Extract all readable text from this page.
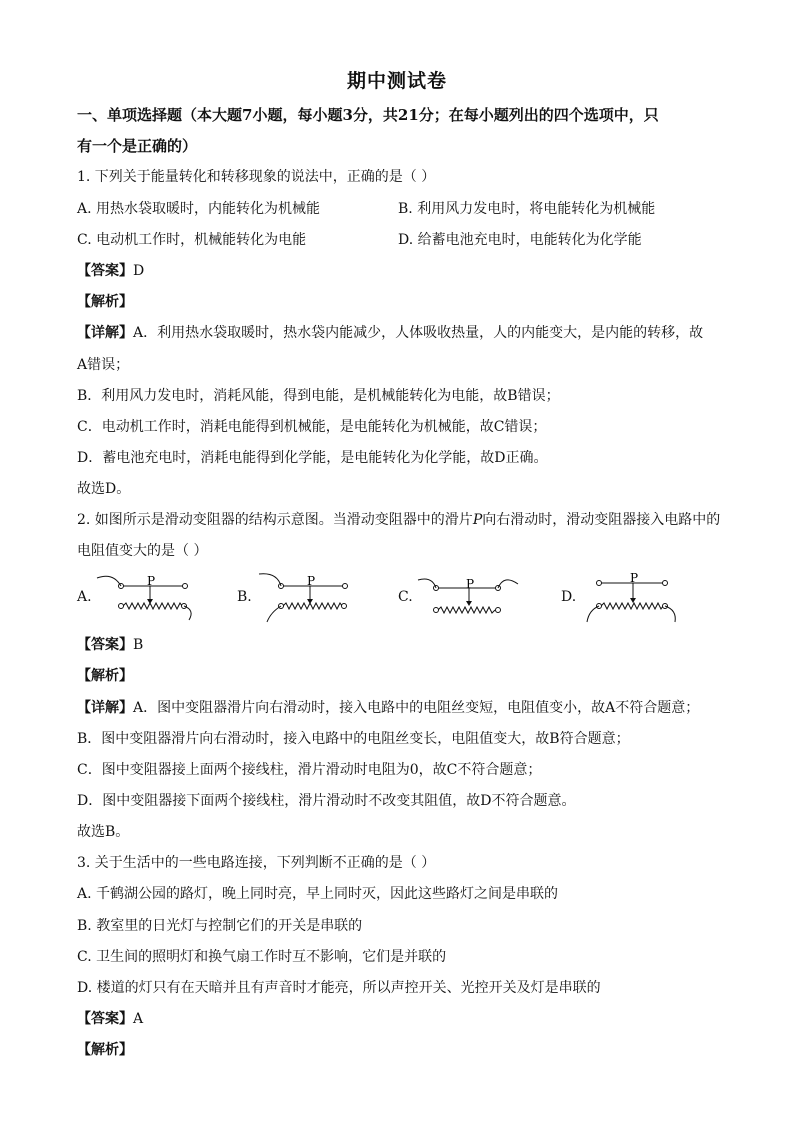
期中测试卷
一、单项选择题（本大题7小题，每小题3分，共21分；在每小题列出的四个选项中，只
有一个是正确的）
1. 下列关于能量转化和转移现象的说法中，正确的是（ ）
A. 用热水袋取暖时，内能转化为机械能	B. 利用风力发电时，将电能转化为机械能
C. 电动机工作时，机械能转化为电能	D. 给蓄电池充电时，电能转化为化学能
【答案】D
【解析】
【详解】A．利用热水袋取暖时，热水袋内能减少，人体吸收热量，人的内能变大，是内能的转移，故
A错误；
B．利用风力发电时，消耗风能，得到电能，是机械能转化为电能，故B错误；
C．电动机工作时，消耗电能得到机械能，是电能转化为机械能，故C错误；
D．蓄电池充电时，消耗电能得到化学能，是电能转化为化学能，故D正确。
故选D。
2. 如图所示是滑动变阻器的结构示意图。当滑动变阻器中的滑片P向右滑动时，滑动变阻器接入电路中的
电阻值变大的是（ ）
A.
P
B.
P
C.
P
D.
P
【答案】B
【解析】
【详解】A．图中变阻器滑片向右滑动时，接入电路中的电阻丝变短，电阻值变小，故A不符合题意；
B．图中变阻器滑片向右滑动时，接入电路中的电阻丝变长，电阻值变大，故B符合题意；
C．图中变阻器接上面两个接线柱，滑片滑动时电阻为0，故C不符合题意；
D．图中变阻器接下面两个接线柱，滑片滑动时不改变其阻值，故D不符合题意。
故选B。
3. 关于生活中的一些电路连接，下列判断不正确的是（ ）
A. 千鹤湖公园的路灯，晚上同时亮，早上同时灭，因此这些路灯之间是串联的
B. 教室里的日光灯与控制它们的开关是串联的
C. 卫生间的照明灯和换气扇工作时互不影响，它们是并联的
D. 楼道的灯只有在天暗并且有声音时才能亮，所以声控开关、光控开关及灯是串联的
【答案】A
【解析】
